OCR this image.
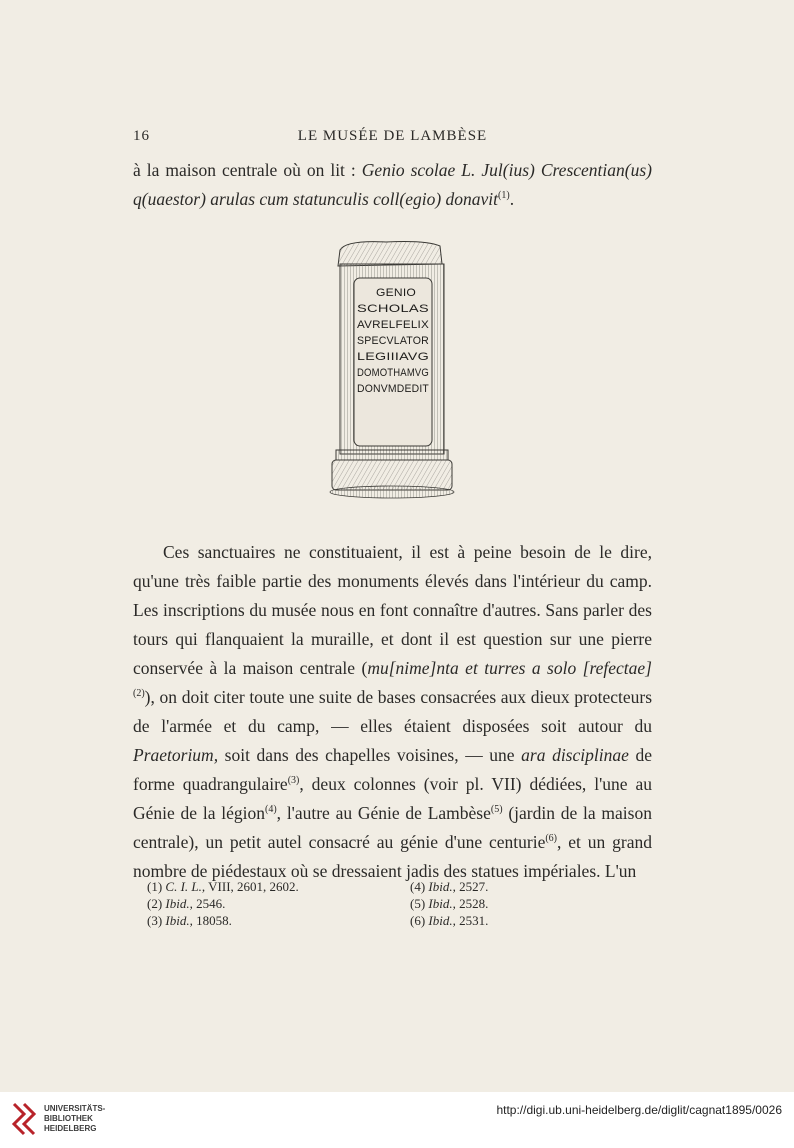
16	LE MUSÉE DE LAMBÈSE
à la maison centrale où on lit : Genio scolae L. Jul(ius) Crescentian(us) q(uaestor) arulas cum statunculis coll(egio) donavit$^{(1)}$.
GENIO
SCHOLAS
AVRELFELIX
SPECVLATOR
LEGIIIAVG
DOMOTHAMVG
DONVMDEDIT
Ces sanctuaires ne constituaient, il est à peine besoin de le dire, qu'une très faible partie des monuments élevés dans l'intérieur du camp. Les inscriptions du musée nous en font connaître d'autres. Sans parler des tours qui flanquaient la muraille, et dont il est question sur une pierre conservée à la maison centrale (mu[nime]nta et turres a solo [refectae]$^{(2)}$), on doit citer toute une suite de bases consacrées aux dieux protecteurs de l'armée et du camp, — elles étaient disposées soit autour du Praetorium, soit dans des chapelles voisines, — une ara disciplinae de forme quadrangulaire$^{(3)}$, deux colonnes (voir pl. VII) dédiées, l'une au Génie de la légion$^{(4)}$, l'autre au Génie de Lambèse$^{(5)}$ (jardin de la maison centrale), un petit autel consacré au génie d'une centurie$^{(6)}$, et un grand nombre de piédestaux où se dressaient jadis des statues impériales. L'un
(1) C. I. L., VIII, 2601, 2602.
(2) Ibid., 2546.
(3) Ibid., 18058.
(4) Ibid., 2527.
(5) Ibid., 2528.
(6) Ibid., 2531.
UNIVERSITÄTS-
BIBLIOTHEK
HEIDELBERG
http://digi.ub.uni-heidelberg.de/diglit/cagnat1895/0026
